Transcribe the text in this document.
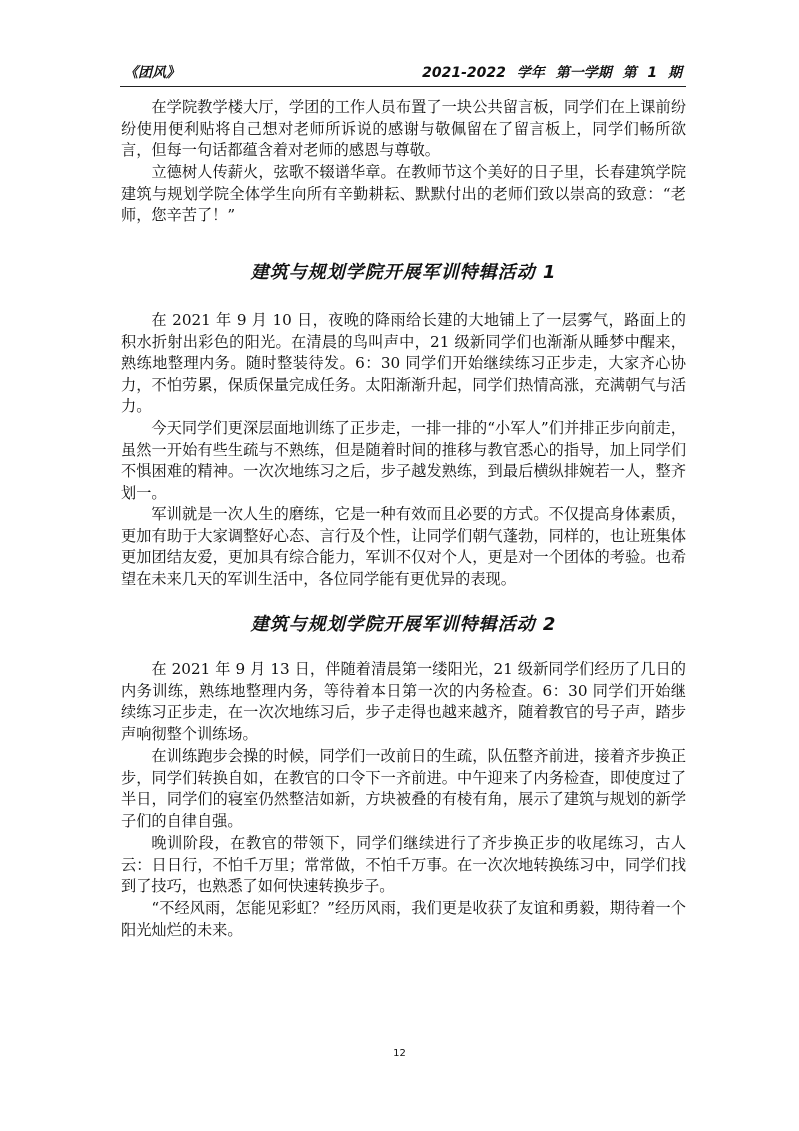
《团风》	2021-2022 学年 第一学期 第 1 期

在学院教学楼大厅，学团的工作人员布置了一块公共留言板，同学们在上课前纷纷使用便利贴将自己想对老师所诉说的感谢与敬佩留在了留言板上，同学们畅所欲言，但每一句话都蕴含着对老师的感恩与尊敬。

立德树人传薪火，弦歌不辍谱华章。在教师节这个美好的日子里，长春建筑学院建筑与规划学院全体学生向所有辛勤耕耘、默默付出的老师们致以崇高的致意：“老师，您辛苦了！”

建筑与规划学院开展军训特辑活动 1

在 2021 年 9 月 10 日，夜晚的降雨给长建的大地铺上了一层雾气，路面上的积水折射出彩色的阳光。在清晨的鸟叫声中，21 级新同学们也渐渐从睡梦中醒来，熟练地整理内务。随时整装待发。6：30 同学们开始继续练习正步走，大家齐心协力，不怕劳累，保质保量完成任务。太阳渐渐升起，同学们热情高涨，充满朝气与活力。

今天同学们更深层面地训练了正步走，一排一排的“小军人”们并排正步向前走，虽然一开始有些生疏与不熟练，但是随着时间的推移与教官悉心的指导，加上同学们不惧困难的精神。一次次地练习之后，步子越发熟练，到最后横纵排婉若一人，整齐划一。

军训就是一次人生的磨练，它是一种有效而且必要的方式。不仅提高身体素质，更加有助于大家调整好心态、言行及个性，让同学们朝气蓬勃，同样的，也让班集体更加团结友爱，更加具有综合能力，军训不仅对个人，更是对一个团体的考验。也希望在未来几天的军训生活中，各位同学能有更优异的表现。

建筑与规划学院开展军训特辑活动 2

在 2021 年 9 月 13 日，伴随着清晨第一缕阳光，21 级新同学们经历了几日的内务训练，熟练地整理内务，等待着本日第一次的内务检查。6：30 同学们开始继续练习正步走，在一次次地练习后，步子走得也越来越齐，随着教官的号子声，踏步声响彻整个训练场。

在训练跑步会操的时候，同学们一改前日的生疏，队伍整齐前进，接着齐步换正步，同学们转换自如，在教官的口令下一齐前进。中午迎来了内务检查，即使度过了半日，同学们的寝室仍然整洁如新，方块被叠的有棱有角，展示了建筑与规划的新学子们的自律自强。

晚训阶段，在教官的带领下，同学们继续进行了齐步换正步的收尾练习，古人云：日日行，不怕千万里；常常做，不怕千万事。在一次次地转换练习中，同学们找到了技巧，也熟悉了如何快速转换步子。

“不经风雨，怎能见彩虹？”经历风雨，我们更是收获了友谊和勇毅，期待着一个阳光灿烂的未来。

12
